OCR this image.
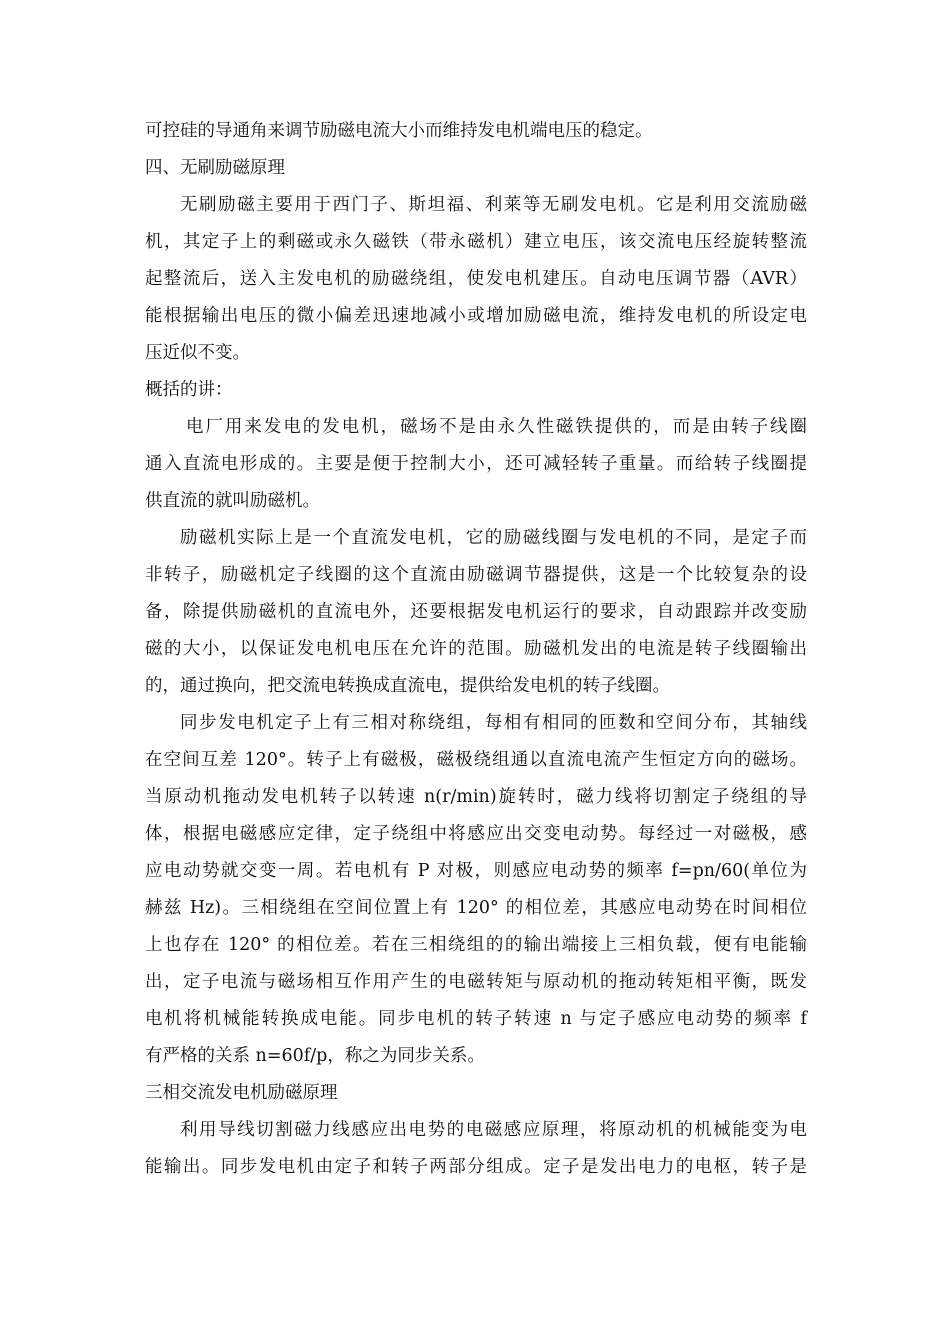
可控硅的导通角来调节励磁电流大小而维持发电机端电压的稳定。
四、无刷励磁原理
无刷励磁主要用于西门子、斯坦福、利莱等无刷发电机。它是利用交流励磁
机，其定子上的剩磁或永久磁铁（带永磁机）建立电压，该交流电压经旋转整流
起整流后，送入主发电机的励磁绕组，使发电机建压。自动电压调节器（AVR）
能根据输出电压的微小偏差迅速地减小或增加励磁电流，维持发电机的所设定电
压近似不变。
概括的讲：
电厂用来发电的发电机，磁场不是由永久性磁铁提供的，而是由转子线圈
通入直流电形成的。主要是便于控制大小，还可减轻转子重量。而给转子线圈提
供直流的就叫励磁机。
励磁机实际上是一个直流发电机，它的励磁线圈与发电机的不同，是定子而
非转子，励磁机定子线圈的这个直流由励磁调节器提供，这是一个比较复杂的设
备，除提供励磁机的直流电外，还要根据发电机运行的要求，自动跟踪并改变励
磁的大小，以保证发电机电压在允许的范围。励磁机发出的电流是转子线圈输出
的，通过换向，把交流电转换成直流电，提供给发电机的转子线圈。
同步发电机定子上有三相对称绕组，每相有相同的匝数和空间分布，其轴线
在空间互差 120°。转子上有磁极，磁极绕组通以直流电流产生恒定方向的磁场。
当原动机拖动发电机转子以转速 n(r/min)旋转时，磁力线将切割定子绕组的导
体，根据电磁感应定律，定子绕组中将感应出交变电动势。每经过一对磁极，感
应电动势就交变一周。若电机有 P 对极，则感应电动势的频率 f=pn/60(单位为
赫兹 Hz)。三相绕组在空间位置上有 120° 的相位差，其感应电动势在时间相位
上也存在 120° 的相位差。若在三相绕组的的输出端接上三相负载，便有电能输
出，定子电流与磁场相互作用产生的电磁转矩与原动机的拖动转矩相平衡，既发
电机将机械能转换成电能。同步电机的转子转速 n 与定子感应电动势的频率 f
有严格的关系 n=60f/p，称之为同步关系。
三相交流发电机励磁原理
利用导线切割磁力线感应出电势的电磁感应原理，将原动机的机械能变为电
能输出。同步发电机由定子和转子两部分组成。定子是发出电力的电枢，转子是
